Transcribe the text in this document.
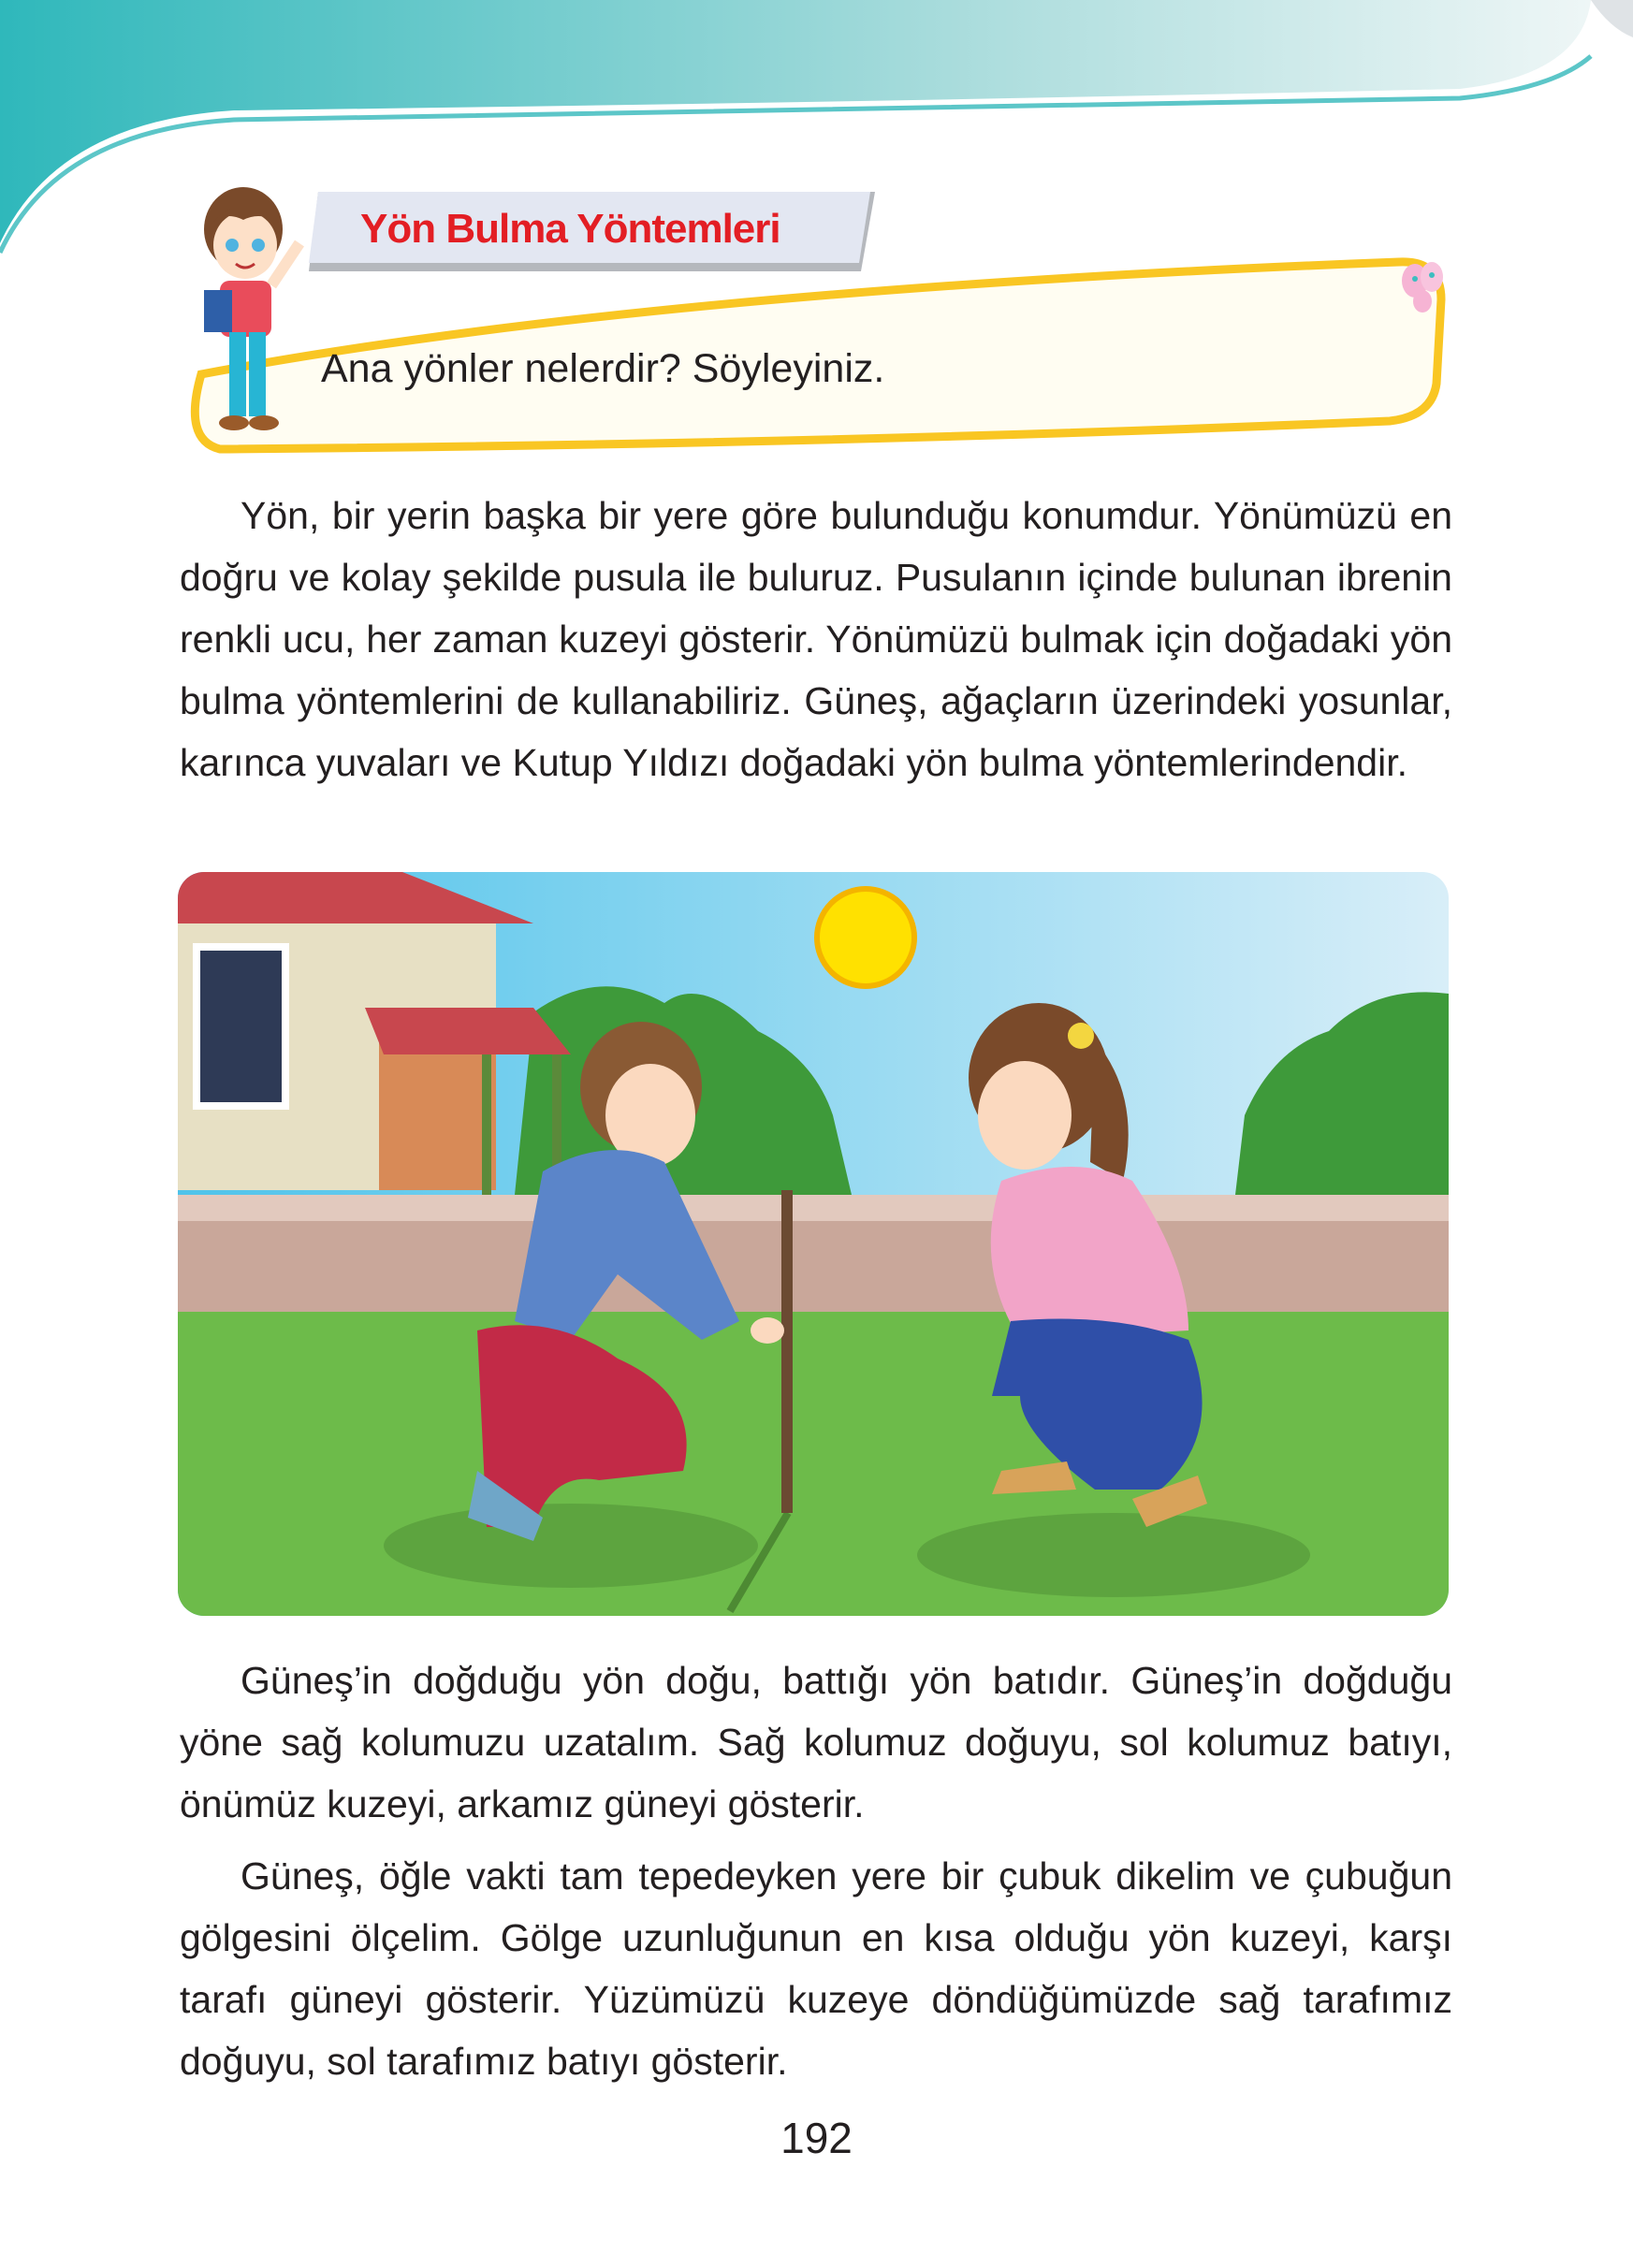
Yön Bulma Yöntemleri
Ana yönler nelerdir? Söyleyiniz.

Yön, bir yerin başka bir yere göre bulunduğu konumdur. Yönümüzü en doğru ve kolay şekilde pusula ile buluruz. Pusulanın içinde bulunan ibrenin renkli ucu, her zaman kuzeyi gösterir. Yönümüzü bulmak için doğadaki yön bulma yöntemlerini de kullanabiliriz. Güneş, ağaçların üzerindeki yosunlar, karınca yuvaları ve Kutup Yıldızı doğadaki yön bulma yöntemlerindendir.

Güneş’in doğduğu yön doğu, battığı yön batıdır. Güneş’in doğduğu yöne sağ kolumuzu uzatalım. Sağ kolumuz doğuyu, sol kolumuz batıyı, önümüz kuzeyi, arkamız güneyi gösterir.

Güneş, öğle vakti tam tepedeyken yere bir çubuk dikelim ve çubuğun gölgesini ölçelim. Gölge uzunluğunun en kısa olduğu yön kuzeyi, karşı tarafı güneyi gösterir. Yüzümüzü kuzeye döndüğümüzde sağ tarafımız doğuyu, sol tarafımız batıyı gösterir.

192
